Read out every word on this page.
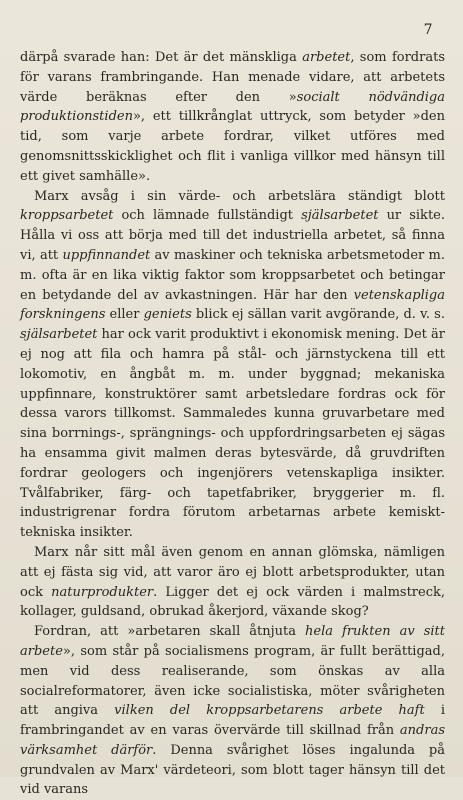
7

därpå svarade han: Det är det mänskliga arbetet, som fordrats för varans frambringande. Han menade vidare, att arbetets värde beräknas efter den »socialt nödvändiga produktionstiden», ett tillkrånglat uttryck, som betyder »den tid, som varje arbete fordrar, vilket utföres med genomsnittsskicklighet och flit i vanliga villkor med hänsyn till ett givet samhälle».

Marx avsåg i sin värde- och arbetslära ständigt blott kroppsarbetet och lämnade fullständigt själsarbetet ur sikte. Hålla vi oss att börja med till det industriella arbetet, så finna vi, att uppfinnandet av maskiner och tekniska arbetsmetoder m. m. ofta är en lika viktig faktor som kroppsarbetet och betingar en betydande del av avkastningen. Här har den vetenskapliga forskningens eller geniets blick ej sällan varit avgörande, d. v. s. själsarbetet har ock varit produktivt i ekonomisk mening. Det är ej nog att fila och hamra på stål- och järnstyckena till ett lokomotiv, en ångbåt m. m. under byggnad; mekaniska uppfinnare, konstruktörer samt arbetsledare fordras ock för dessa varors tillkomst. Sammaledes kunna gruvarbetare med sina borrnings-, sprängnings- och uppfordringsarbeten ej sägas ha ensamma givit malmen deras bytesvärde, då gruvdriften fordrar geologers och ingenjörers vetenskapliga insikter. Tvålfabriker, färg- och tapetfabriker, bryggerier m. fl. industrigrenar fordra förutom arbetarnas arbete kemiskt-tekniska insikter.

Marx når sitt mål även genom en annan glömska, nämligen att ej fästa sig vid, att varor äro ej blott arbetsprodukter, utan ock naturprodukter. Ligger det ej ock värden i malmstreck, kollager, guldsand, obrukad åkerjord, växande skog?

Fordran, att »arbetaren skall åtnjuta hela frukten av sitt arbete», som står på socialismens program, är fullt berättigad, men vid dess realiserande, som önskas av alla socialreformatorer, även icke socialistiska, möter svårigheten att angiva vilken del kroppsarbetarens arbete haft i frambringandet av en varas övervärde till skillnad från andras värksamhet därför. Denna svårighet löses ingalunda på grundvalen av Marx' värdeteori, som blott tager hänsyn till det vid varans
